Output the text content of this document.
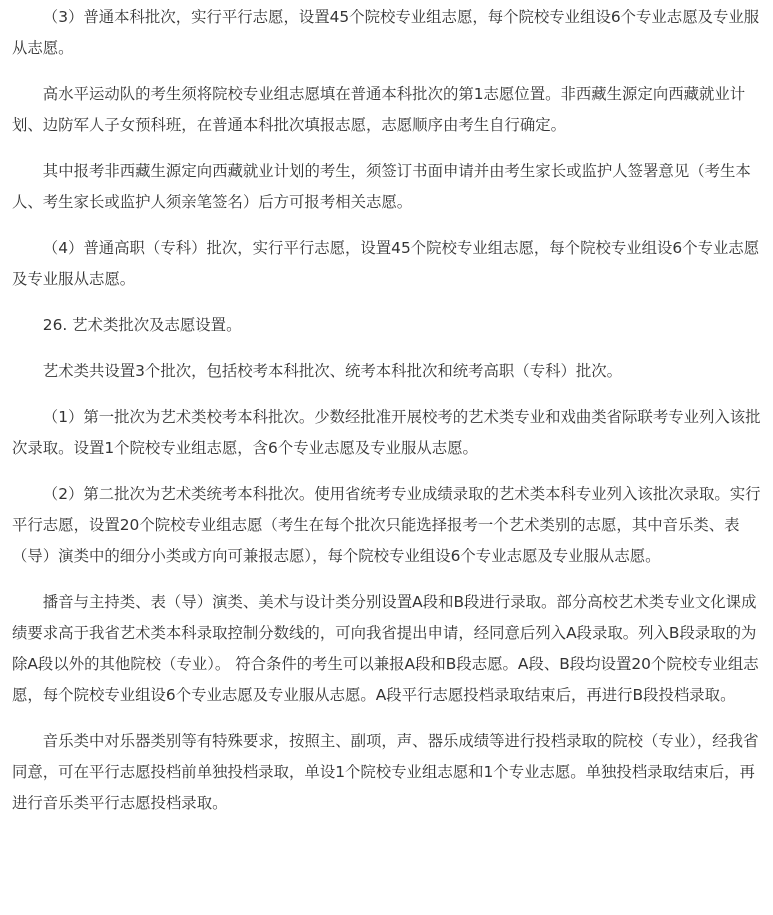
（3）普通本科批次，实行平行志愿，设置45个院校专业组志愿，每个院校专业组设6个专业志愿及专业服从志愿。

高水平运动队的考生须将院校专业组志愿填在普通本科批次的第1志愿位置。非西藏生源定向西藏就业计划、边防军人子女预科班，在普通本科批次填报志愿，志愿顺序由考生自行确定。

其中报考非西藏生源定向西藏就业计划的考生，须签订书面申请并由考生家长或监护人签署意见（考生本人、考生家长或监护人须亲笔签名）后方可报考相关志愿。

（4）普通高职（专科）批次，实行平行志愿，设置45个院校专业组志愿，每个院校专业组设6个专业志愿及专业服从志愿。

26. 艺术类批次及志愿设置。

艺术类共设置3个批次，包括校考本科批次、统考本科批次和统考高职（专科）批次。

（1）第一批次为艺术类校考本科批次。少数经批准开展校考的艺术类专业和戏曲类省际联考专业列入该批次录取。设置1个院校专业组志愿，含6个专业志愿及专业服从志愿。

（2）第二批次为艺术类统考本科批次。使用省统考专业成绩录取的艺术类本科专业列入该批次录取。实行平行志愿，设置20个院校专业组志愿（考生在每个批次只能选择报考一个艺术类别的志愿，其中音乐类、表（导）演类中的细分小类或方向可兼报志愿），每个院校专业组设6个专业志愿及专业服从志愿。

播音与主持类、表（导）演类、美术与设计类分别设置A段和B段进行录取。部分高校艺术类专业文化课成绩要求高于我省艺术类本科录取控制分数线的，可向我省提出申请，经同意后列入A段录取。列入B段录取的为除A段以外的其他院校（专业）。 符合条件的考生可以兼报A段和B段志愿。A段、B段均设置20个院校专业组志愿，每个院校专业组设6个专业志愿及专业服从志愿。A段平行志愿投档录取结束后，再进行B段投档录取。

音乐类中对乐器类别等有特殊要求，按照主、副项，声、器乐成绩等进行投档录取的院校（专业），经我省同意，可在平行志愿投档前单独投档录取，单设1个院校专业组志愿和1个专业志愿。单独投档录取结束后，再进行音乐类平行志愿投档录取。
